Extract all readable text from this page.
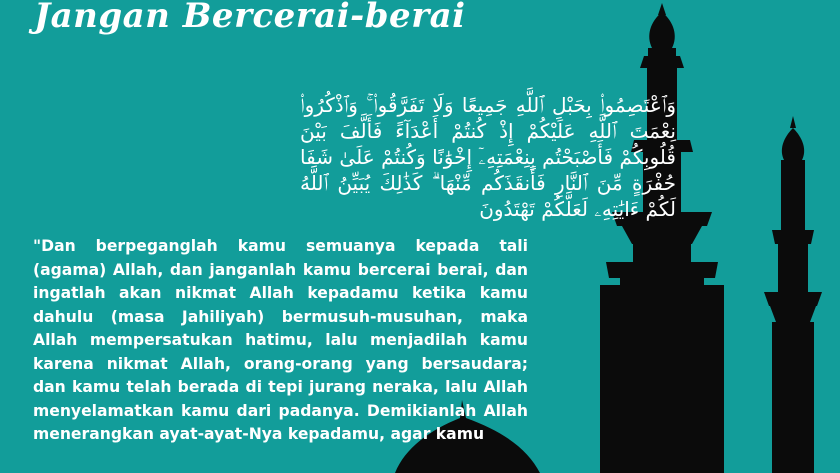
Jangan Bercerai-berai
وَٱعْتَصِمُوا۟ بِحَبْلِ ٱللَّهِ جَمِيعًا وَلَا تَفَرَّقُوا۟ ۚ وَٱذْكُرُوا۟ نِعْمَتَ ٱللَّهِ عَلَيْكُمْ إِذْ كُنتُمْ أَعْدَآءً فَأَلَّفَ بَيْنَ قُلُوبِكُمْ فَأَصْبَحْتُم بِنِعْمَتِهِۦٓ إِخْوَٰنًا وَكُنتُمْ عَلَىٰ شَفَا حُفْرَةٍ مِّنَ ٱلنَّارِ فَأَنقَذَكُم مِّنْهَا ۗ كَذَٰلِكَ يُبَيِّنُ ٱللَّهُ لَكُمْ ءَايَٰتِهِۦ لَعَلَّكُمْ تَهْتَدُونَ

"Dan berpeganglah kamu semuanya kepada tali (agama) Allah, dan janganlah kamu bercerai berai, dan ingatlah akan nikmat Allah kepadamu ketika kamu dahulu (masa Jahiliyah) bermusuh-musuhan, maka Allah mempersatukan hatimu, lalu menjadilah kamu karena nikmat Allah, orang-orang yang bersaudara; dan kamu telah berada di tepi jurang neraka, lalu Allah menyelamatkan kamu dari padanya. Demikianlah Allah menerangkan ayat-ayat-Nya kepadamu, agar kamu
